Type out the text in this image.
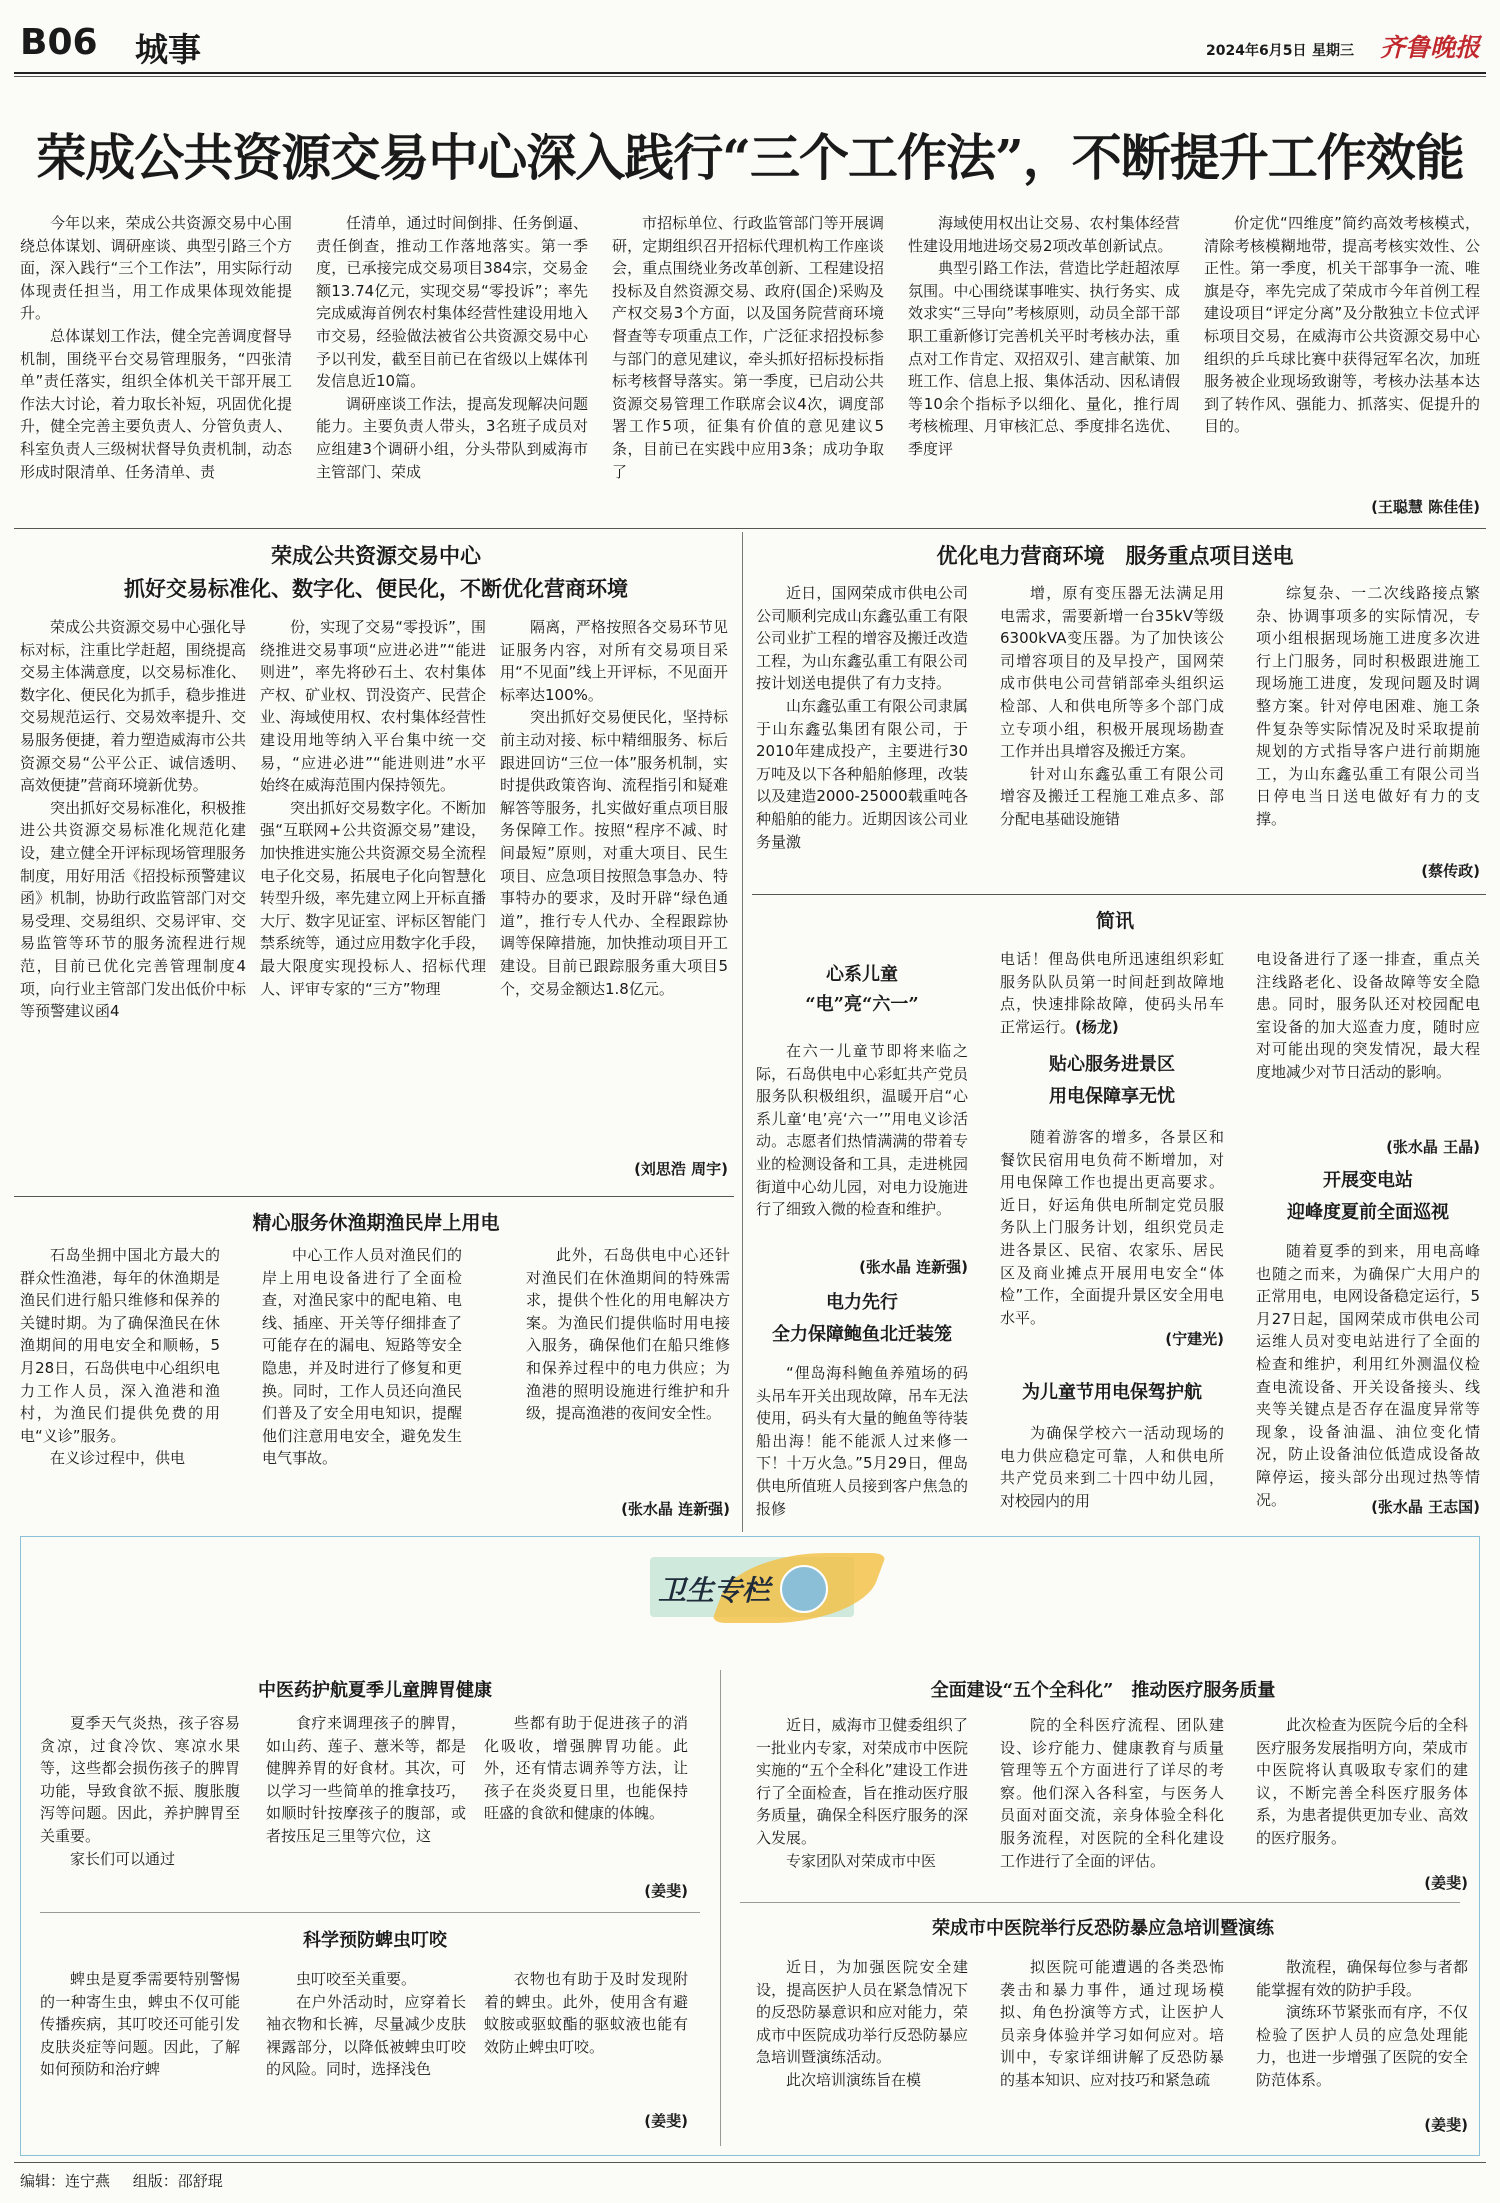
B06 城事	2024年6月5日 星期三 齐鲁晚报
荣成公共资源交易中心深入践行“三个工作法”，不断提升工作效能

今年以来，荣成公共资源交易中心围绕总体谋划、调研座谈、典型引路三个方面，深入践行“三个工作法”，用实际行动体现责任担当，用工作成果体现效能提升。

总体谋划工作法，健全完善调度督导机制，围绕平台交易管理服务，“四张清单”责任落实，组织全体机关干部开展工作法大讨论，着力取长补短，巩固优化提升，健全完善主要负责人、分管负责人、科室负责人三级树状督导负责机制，动态形成时限清单、任务清单、责

任清单，通过时间倒排、任务倒逼、责任倒查，推动工作落地落实。第一季度，已承接完成交易项目384宗，交易金额13.74亿元，实现交易“零投诉”；率先完成威海首例农村集体经营性建设用地入市交易，经验做法被省公共资源交易中心予以刊发，截至目前已在省级以上媒体刊发信息近10篇。

调研座谈工作法，提高发现解决问题能力。主要负责人带头，3名班子成员对应组建3个调研小组，分头带队到威海市主管部门、荣成

市招标单位、行政监管部门等开展调研，定期组织召开招标代理机构工作座谈会，重点围绕业务改革创新、工程建设招投标及自然资源交易、政府(国企)采购及产权交易3个方面，以及国务院营商环境督查等专项重点工作，广泛征求招投标参与部门的意见建议，牵头抓好招标投标指标考核督导落实。第一季度，已启动公共资源交易管理工作联席会议4次，调度部署工作5项，征集有价值的意见建议5条，目前已在实践中应用3条；成功争取了

海域使用权出让交易、农村集体经营性建设用地进场交易2项改革创新试点。

典型引路工作法，营造比学赶超浓厚氛围。中心围绕谋事唯实、执行务实、成效求实“三导向”考核原则，动员全部干部职工重新修订完善机关平时考核办法，重点对工作肯定、双招双引、建言献策、加班工作、信息上报、集体活动、因私请假等10余个指标予以细化、量化，推行周考核梳理、月审核汇总、季度排名选优、季度评

价定优“四维度”简约高效考核模式，清除考核模糊地带，提高考核实效性、公正性。第一季度，机关干部事争一流、唯旗是夺，率先完成了荣成市今年首例工程建设项目“评定分离”及分散独立卡位式评标项目交易，在威海市公共资源交易中心组织的乒乓球比赛中获得冠军名次，加班服务被企业现场致谢等，考核办法基本达到了转作风、强能力、抓落实、促提升的目的。

(王聪慧 陈佳佳)
荣成公共资源交易中心
抓好交易标准化、数字化、便民化，不断优化营商环境

荣成公共资源交易中心强化导标对标，注重比学赶超，围绕提高交易主体满意度，以交易标准化、数字化、便民化为抓手，稳步推进交易规范运行、交易效率提升、交易服务便捷，着力塑造威海市公共资源交易“公平公正、诚信透明、高效便捷”营商环境新优势。

突出抓好交易标准化，积极推进公共资源交易标准化规范化建设，建立健全开评标现场管理服务制度，用好用活《招投标预警建议函》机制，协助行政监管部门对交易受理、交易组织、交易评审、交易监管等环节的服务流程进行规范，目前已优化完善管理制度4项，向行业主管部门发出低价中标等预警建议函4

份，实现了交易“零投诉”，围绕推进交易事项“应进必进”“能进则进”，率先将砂石土、农村集体产权、矿业权、罚没资产、民营企业、海域使用权、农村集体经营性建设用地等纳入平台集中统一交易，“应进必进”“能进则进”水平始终在威海范围内保持领先。

突出抓好交易数字化。不断加强“互联网+公共资源交易”建设，加快推进实施公共资源交易全流程电子化交易，拓展电子化向智慧化转型升级，率先建立网上开标直播大厅、数字见证室、评标区智能门禁系统等，通过应用数字化手段，最大限度实现投标人、招标代理人、评审专家的“三方”物理

隔离，严格按照各交易环节见证服务内容，对所有交易项目采用“不见面”线上开评标，不见面开标率达100%。

突出抓好交易便民化，坚持标前主动对接、标中精细服务、标后跟进回访“三位一体”服务机制，实时提供政策咨询、流程指引和疑难解答等服务，扎实做好重点项目服务保障工作。按照“程序不减、时间最短”原则，对重大项目、民生项目、应急项目按照急事急办、特事特办的要求，及时开辟“绿色通道”，推行专人代办、全程跟踪协调等保障措施，加快推动项目开工建设。目前已跟踪服务重大项目5个，交易金额达1.8亿元。

(刘思浩 周宇)
精心服务休渔期渔民岸上用电

石岛坐拥中国北方最大的群众性渔港，每年的休渔期是渔民们进行船只维修和保养的关键时期。为了确保渔民在休渔期间的用电安全和顺畅，5月28日，石岛供电中心组织电力工作人员，深入渔港和渔村，为渔民们提供免费的用电“义诊”服务。

在义诊过程中，供电

中心工作人员对渔民们的岸上用电设备进行了全面检查，对渔民家中的配电箱、电线、插座、开关等仔细排查了可能存在的漏电、短路等安全隐患，并及时进行了修复和更换。同时，工作人员还向渔民们普及了安全用电知识，提醒他们注意用电安全，避免发生电气事故。

此外，石岛供电中心还针对渔民们在休渔期间的特殊需求，提供个性化的用电解决方案。为渔民们提供临时用电接入服务，确保他们在船只维修和保养过程中的电力供应；为渔港的照明设施进行维护和升级，提高渔港的夜间安全性。

(张水晶 连新强)
优化电力营商环境　服务重点项目送电

近日，国网荣成市供电公司公司顺利完成山东鑫弘重工有限公司业扩工程的增容及搬迁改造工程，为山东鑫弘重工有限公司按计划送电提供了有力支持。

山东鑫弘重工有限公司隶属于山东鑫弘集团有限公司，于2010年建成投产，主要进行30万吨及以下各种船舶修理，改装以及建造2000-25000载重吨各种船舶的能力。近期因该公司业务量激

增，原有变压器无法满足用电需求，需要新增一台35kV等级6300kVA变压器。为了加快该公司增容项目的及早投产，国网荣成市供电公司营销部牵头组织运检部、人和供电所等多个部门成立专项小组，积极开展现场勘查工作并出具增容及搬迁方案。

针对山东鑫弘重工有限公司增容及搬迁工程施工难点多、部分配电基础设施错

综复杂、一二次线路接点繁杂、协调事项多的实际情况，专项小组根据现场施工进度多次进行上门服务，同时积极跟进施工现场施工进度，发现问题及时调整方案。针对停电困难、施工条件复杂等实际情况及时采取提前规划的方式指导客户进行前期施工，为山东鑫弘重工有限公司当日停电当日送电做好有力的支撑。

(蔡传政)
简讯
心系儿童
“电”亮“六一”

在六一儿童节即将来临之际，石岛供电中心彩虹共产党员服务队积极组织，温暖开启“心系儿童‘电’亮‘六一’”用电义诊活动。志愿者们热情满满的带着专业的检测设备和工具，走进桃园街道中心幼儿园，对电力设施进行了细致入微的检查和维护。

(张水晶 连新强)
电力先行
全力保障鲍鱼北迁装笼

“俚岛海科鲍鱼养殖场的码头吊车开关出现故障，吊车无法使用，码头有大量的鲍鱼等待装船出海！能不能派人过来修一下！十万火急。”5月29日，俚岛供电所值班人员接到客户焦急的报修

电话！俚岛供电所迅速组织彩虹服务队队员第一时间赶到故障地点，快速排除故障，使码头吊车正常运行。(杨龙)
贴心服务进景区
用电保障享无忧

随着游客的增多，各景区和餐饮民宿用电负荷不断增加，对用电保障工作也提出更高要求。近日，好运角供电所制定党员服务队上门服务计划，组织党员走进各景区、民宿、农家乐、居民区及商业摊点开展用电安全“体检”工作，全面提升景区安全用电水平。

(宁建光)
为儿童节用电保驾护航

为确保学校六一活动现场的电力供应稳定可靠，人和供电所共产党员来到二十四中幼儿园，对校园内的用

电设备进行了逐一排查，重点关注线路老化、设备故障等安全隐患。同时，服务队还对校园配电室设备的加大巡查力度，随时应对可能出现的突发情况，最大程度地减少对节日活动的影响。
(张水晶 王晶)
开展变电站
迎峰度夏前全面巡视

随着夏季的到来，用电高峰也随之而来，为确保广大用户的正常用电，电网设备稳定运行，5月27日起，国网荣成市供电公司运维人员对变电站进行了全面的检查和维护，利用红外测温仪检查电流设备、开关设备接头、线夹等关键点是否存在温度异常等现象，设备油温、油位变化情况，防止设备油位低造成设备故障停运，接头部分出现过热等情况。	(张水晶 王志国)
卫生专栏
中医药护航夏季儿童脾胃健康

夏季天气炎热，孩子容易贪凉，过食冷饮、寒凉水果等，这些都会损伤孩子的脾胃功能，导致食欲不振、腹胀腹泻等问题。因此，养护脾胃至关重要。

家长们可以通过

食疗来调理孩子的脾胃，如山药、莲子、薏米等，都是健脾养胃的好食材。其次，可以学习一些简单的推拿技巧，如顺时针按摩孩子的腹部，或者按压足三里等穴位，这

些都有助于促进孩子的消化吸收，增强脾胃功能。此外，还有情志调养等方法，让孩子在炎炎夏日里，也能保持旺盛的食欲和健康的体魄。

(姜斐)
科学预防蜱虫叮咬

蜱虫是夏季需要特别警惕的一种寄生虫，蜱虫不仅可能传播疾病，其叮咬还可能引发皮肤炎症等问题。因此，了解如何预防和治疗蜱

虫叮咬至关重要。

在户外活动时，应穿着长袖衣物和长裤，尽量减少皮肤裸露部分，以降低被蜱虫叮咬的风险。同时，选择浅色

衣物也有助于及时发现附着的蜱虫。此外，使用含有避蚊胺或驱蚊酯的驱蚊液也能有效防止蜱虫叮咬。

(姜斐)
全面建设“五个全科化”　推动医疗服务质量

近日，威海市卫健委组织了一批业内专家，对荣成市中医院实施的“五个全科化”建设工作进行了全面检查，旨在推动医疗服务质量，确保全科医疗服务的深入发展。

专家团队对荣成市中医

院的全科医疗流程、团队建设、诊疗能力、健康教育与质量管理等五个方面进行了详尽的考察。他们深入各科室，与医务人员面对面交流，亲身体验全科化服务流程，对医院的全科化建设工作进行了全面的评估。

此次检查为医院今后的全科医疗服务发展指明方向，荣成市中医院将认真吸取专家们的建议，不断完善全科医疗服务体系，为患者提供更加专业、高效的医疗服务。

(姜斐)
荣成市中医院举行反恐防暴应急培训暨演练

近日，为加强医院安全建设，提高医护人员在紧急情况下的反恐防暴意识和应对能力，荣成市中医院成功举行反恐防暴应急培训暨演练活动。

此次培训演练旨在模

拟医院可能遭遇的各类恐怖袭击和暴力事件，通过现场模拟、角色扮演等方式，让医护人员亲身体验并学习如何应对。培训中，专家详细讲解了反恐防暴的基本知识、应对技巧和紧急疏

散流程，确保每位参与者都能掌握有效的防护手段。

演练环节紧张而有序，不仅检验了医护人员的应急处理能力，也进一步增强了医院的安全防范体系。

(姜斐)
编辑：连宁燕 组版：邵舒琨
